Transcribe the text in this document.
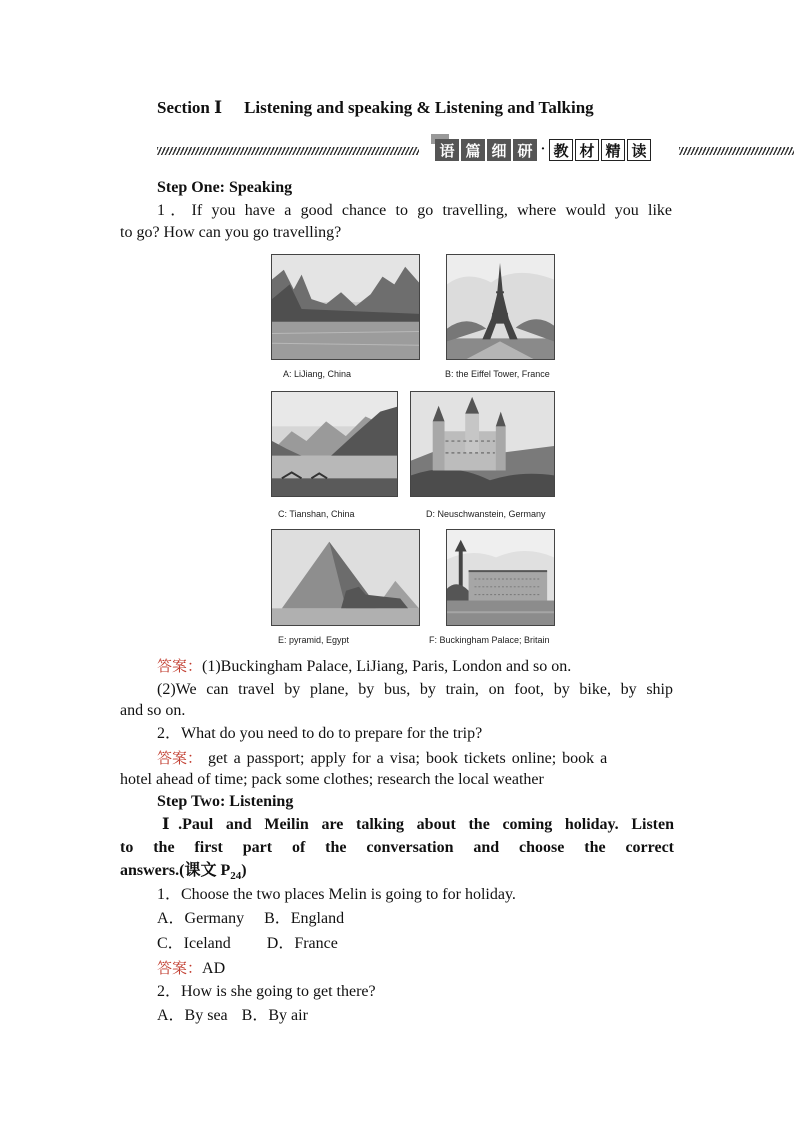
Section Ⅰ Listening and speaking & Listening and Talking
语 篇 细 研 · 教 材 精 读
Step One: Speaking
1．If you have a good chance to go travelling, where would you like
to go? How can you go travelling?
A: LiJiang, China	B: the Eiffel Tower, France
C: Tianshan, China	D: Neuschwanstein, Germany
E: pyramid, Egypt	F: Buckingham Palace; Britain
答案：(1)Buckingham Palace, LiJiang, Paris, London and so on.
(2)We can travel by plane, by bus, by train, on foot, by bike, by ship
and so on.
2．What do you need to do to prepare for the trip?
答案： get a passport; apply for a visa; book tickets online; book a
hotel ahead of time; pack some clothes; research the local weather
Step Two: Listening
Ⅰ.Paul and Meilin are talking about the coming holiday. Listen
to the first part of the conversation and choose the correct
answers.(课文 $P_{24}$)
1．Choose the two places Melin is going to for holiday.
A．Germany B．England
C．Iceland D．France
答案：AD
2．How is she going to get there?
A．By sea B．By air
